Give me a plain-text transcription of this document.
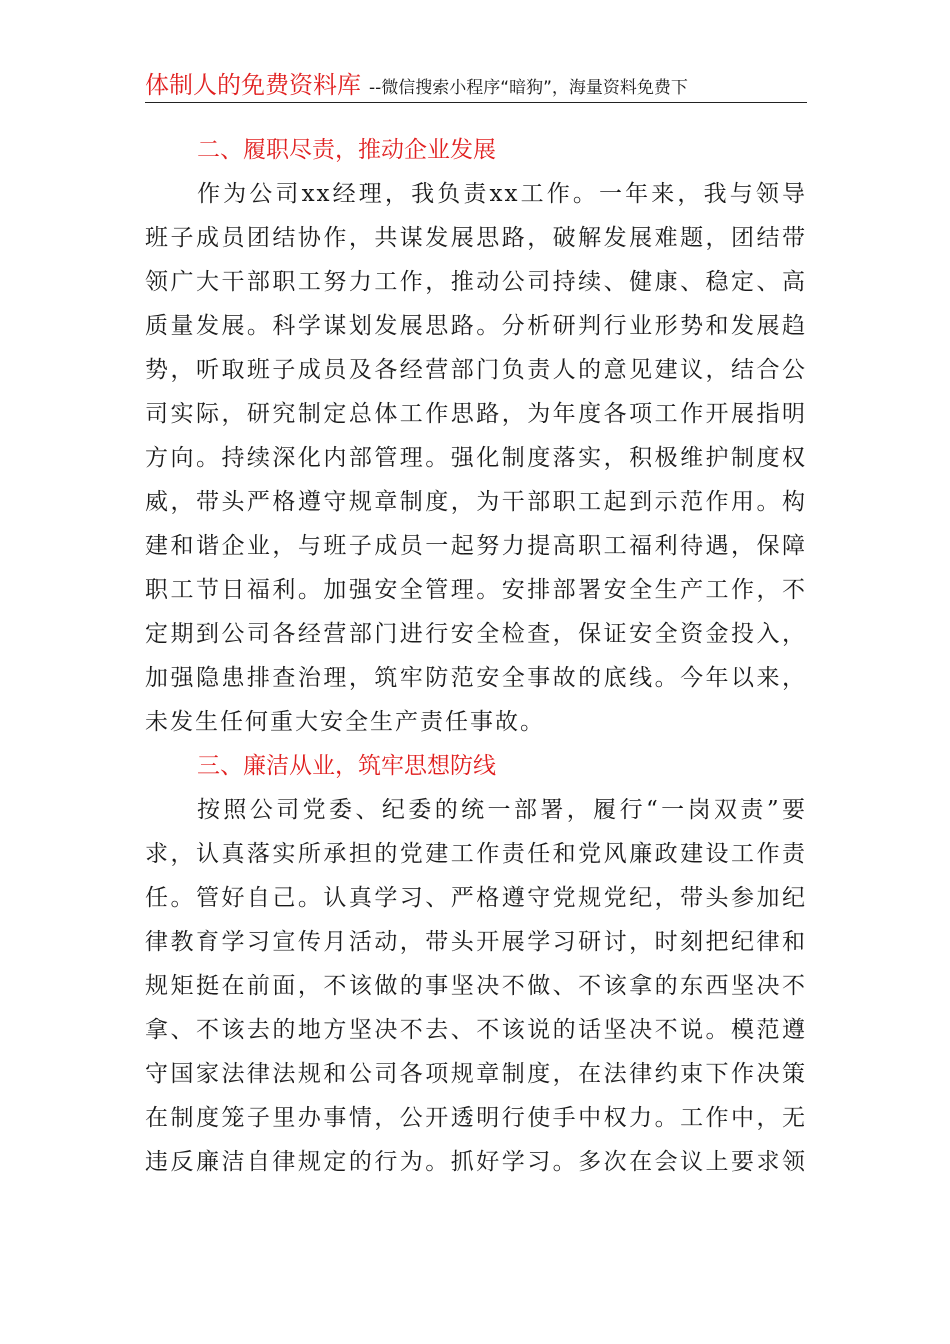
体制人的免费资料库 --微信搜索小程序“暗狗”，海量资料免费下
二、履职尽责，推动企业发展
作为公司xx经理，我负责xx工作。一年来，我与领导
班子成员团结协作，共谋发展思路，破解发展难题，团结带
领广大干部职工努力工作，推动公司持续、健康、稳定、高
质量发展。科学谋划发展思路。分析研判行业形势和发展趋
势，听取班子成员及各经营部门负责人的意见建议，结合公
司实际，研究制定总体工作思路，为年度各项工作开展指明
方向。持续深化内部管理。强化制度落实，积极维护制度权
威，带头严格遵守规章制度，为干部职工起到示范作用。构
建和谐企业，与班子成员一起努力提高职工福利待遇，保障
职工节日福利。加强安全管理。安排部署安全生产工作，不
定期到公司各经营部门进行安全检查，保证安全资金投入，
加强隐患排查治理，筑牢防范安全事故的底线。今年以来，
未发生任何重大安全生产责任事故。
三、廉洁从业，筑牢思想防线
按照公司党委、纪委的统一部署，履行“一岗双责”要
求，认真落实所承担的党建工作责任和党风廉政建设工作责
任。管好自己。认真学习、严格遵守党规党纪，带头参加纪
律教育学习宣传月活动，带头开展学习研讨，时刻把纪律和
规矩挺在前面，不该做的事坚决不做、不该拿的东西坚决不
拿、不该去的地方坚决不去、不该说的话坚决不说。模范遵
守国家法律法规和公司各项规章制度，在法律约束下作决策
在制度笼子里办事情，公开透明行使手中权力。工作中，无
违反廉洁自律规定的行为。抓好学习。多次在会议上要求领
